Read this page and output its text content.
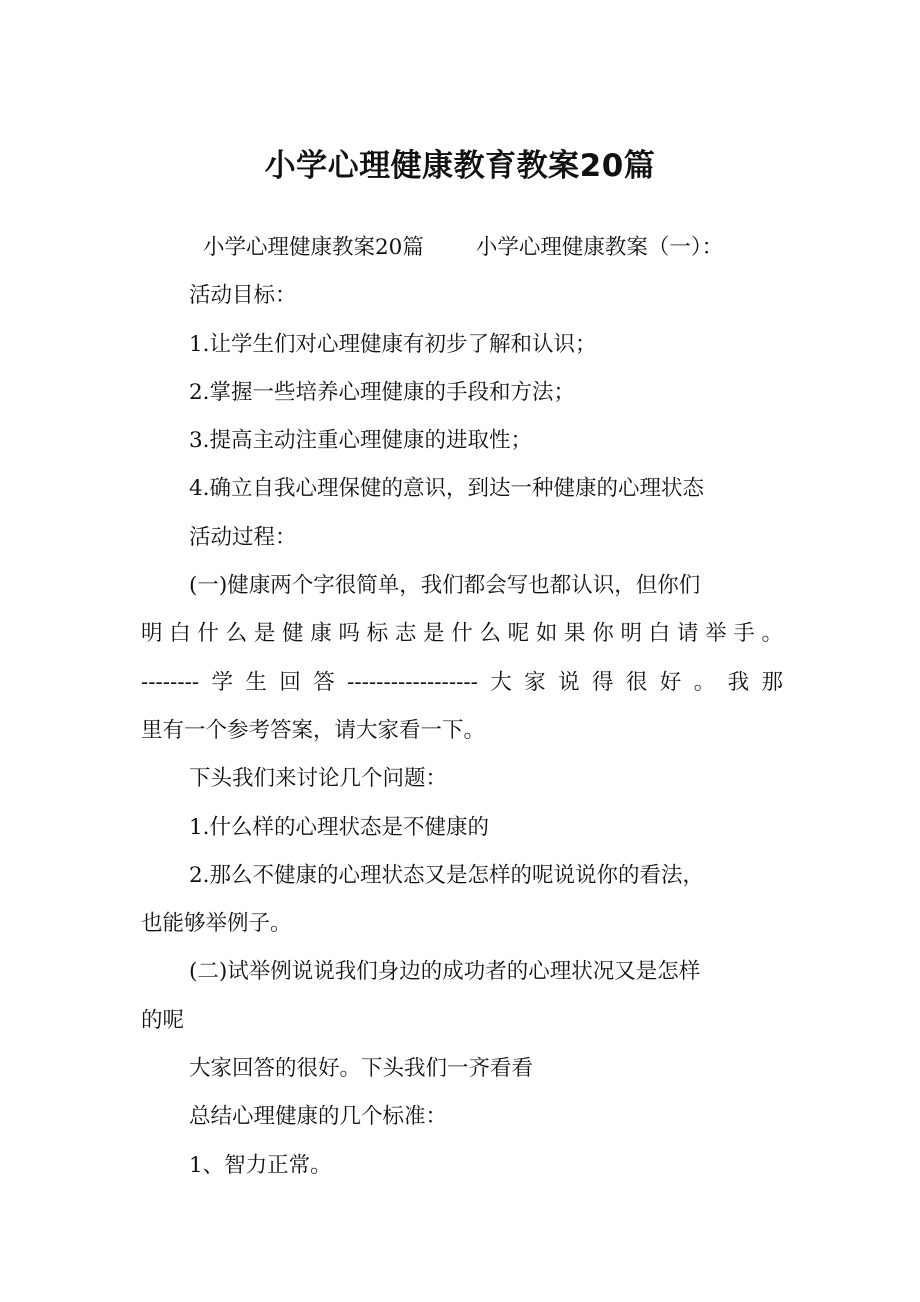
小学心理健康教育教案20篇

小学心理健康教案20篇 小学心理健康教案（一）：

活动目标：

1.让学生们对心理健康有初步了解和认识；

2.掌握一些培养心理健康的手段和方法；

3.提高主动注重心理健康的进取性；

4.确立自我心理保健的意识，到达一种健康的心理状态

活动过程：

(一)健康两个字很简单，我们都会写也都认识，但你们

明白什么是健康吗标志是什么呢如果你明白请举手。

--------学生回答------------------大家说得很好。我那

里有一个参考答案，请大家看一下。

下头我们来讨论几个问题：

1.什么样的心理状态是不健康的

2.那么不健康的心理状态又是怎样的呢说说你的看法，

也能够举例子。

(二)试举例说说我们身边的成功者的心理状况又是怎样

的呢

大家回答的很好。下头我们一齐看看

总结心理健康的几个标准：

1、智力正常。
